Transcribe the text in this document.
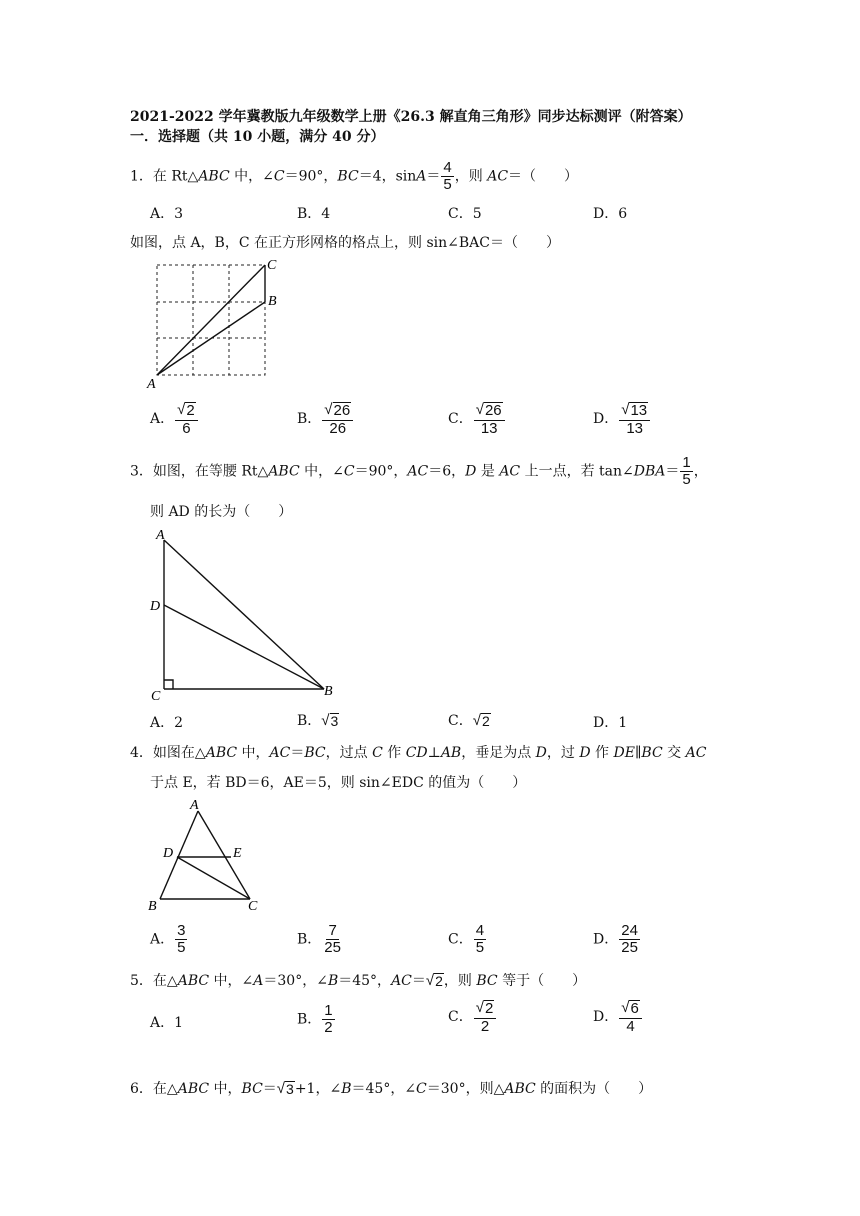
2021-2022 学年冀教版九年级数学上册《26.3 解直角三角形》同步达标测评（附答案）
一．选择题（共 10 小题，满分 40 分）
1．在 Rt△ABC 中，∠C＝90°，BC＝4，$\sin A= \frac{4}{5}$ ，则 AC＝（　　）
A．3	B．4	C．5	D．6
如图，点 A，B，C 在正方形网格的格点上，则 sin∠BAC＝（　　）
A
B
C
A． $\frac{√ 2}{6}$	B． $\frac{√ 26}{26}$	C． $\frac{√ 26}{13}$	D． $\frac{√ 13}{13}$
3．如图，在等腰 Rt△ABC 中，∠C＝90°，AC＝6，D 是 AC 上一点，若 tan∠DBA＝ $\frac{1}{5}$ ，
则 AD 的长为（　　）
A
D
C	B
A．2	B． √ 3	C． √ 2	D．1
4．如图在△ABC 中，AC＝BC，过点 C 作 CD⊥AB，垂足为点 D，过 D 作 DE∥BC 交 AC
于点 E，若 BD＝6，AE＝5，则 sin∠EDC 的值为（　　）
A
D	E
B	C
A． $\frac{3}{5}$	B． $\frac{7}{25}$	C． $\frac{4}{5}$	D． $\frac{24}{25}$
5．在△ABC 中，∠A＝30°，∠B＝45°，AC＝ √ 2 ，则 BC 等于（　　）
A．1	B． $\frac{1}{2}$	C． $\frac{√ 2}{2}$	D． $\frac{√ 6}{4}$
6．在△ABC 中，BC＝ √ 3 +1，∠B＝45°，∠C＝30°，则△ABC 的面积为（　　）
